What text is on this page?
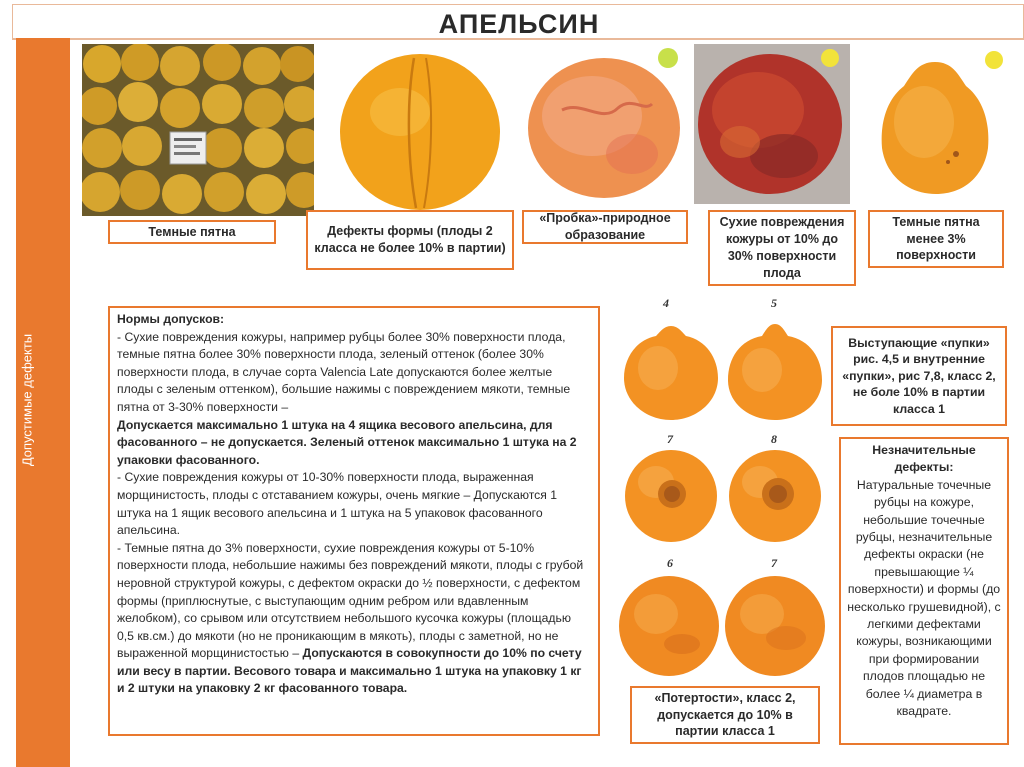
АПЕЛЬСИН
Допустимые дефекты
Темные пятна	Дефекты формы (плоды 2 класса не более 10% в партии)
«Пробка»-природное образование
Сухие повреждения кожуры от 10% до 30% поверхности плода
Темные пятна менее 3% поверхности

Нормы допусков:

- Сухие повреждения кожуры, например рубцы более 30% поверхности плода, темные пятна более 30% поверхности плода, зеленый оттенок (более 30% поверхности плода, в случае сорта Valencia Late допускаются более желтые плоды с зеленым оттенком), большие нажимы с повреждением мякоти, темные пятна от 3-30% поверхности –
Допускается максимально 1 штука на 4 ящика весового апельсина, для фасованного – не допускается. Зеленый оттенок максимально 1 штука на 2 упаковки фасованного.

- Сухие повреждения кожуры от 10-30% поверхности плода, выраженная морщинистость, плоды с отставанием кожуры, очень мягкие – Допускаются 1 штука на 1 ящик весового апельсина и 1 штука на 5 упаковок фасованного апельсина.

- Темные пятна до 3% поверхности, сухие повреждения кожуры от 5-10% поверхности плода, небольшие нажимы без повреждений мякоти, плоды с грубой неровной структурой кожуры, с дефектом окраски до ½ поверхности, с дефектом формы (приплюснутые, с выступающим одним ребром или вдавленным желобком), со срывом или отсутствием небольшого кусочка кожуры (площадью 0,5 кв.см.) до мякоти (но не проникающим в мякоть), плоды с заметной, но не выраженной морщинистостью – Допускаются в совокупности до 10% по счету или весу в партии. Весового товара и максимально 1 штука на упаковку 1 кг и 2 штуки на упаковку 2 кг фасованного товара.

4	5
7	8
6	7
Выступающие «пупки» рис. 4,5 и внутренние «пупки», рис 7,8, класс 2, не боле 10% в партии класса 1
Незначительные дефекты:
Натуральные точечные рубцы на кожуре, небольшие точечные рубцы, незначительные дефекты окраски (не превышающие ¼ поверхности) и формы (до несколько грушевидной), с легкими дефектами кожуры, возникающими при формировании плодов площадью не более ¼ диаметра в квадрате.
«Потертости», класс 2, допускается до 10% в партии класса 1
